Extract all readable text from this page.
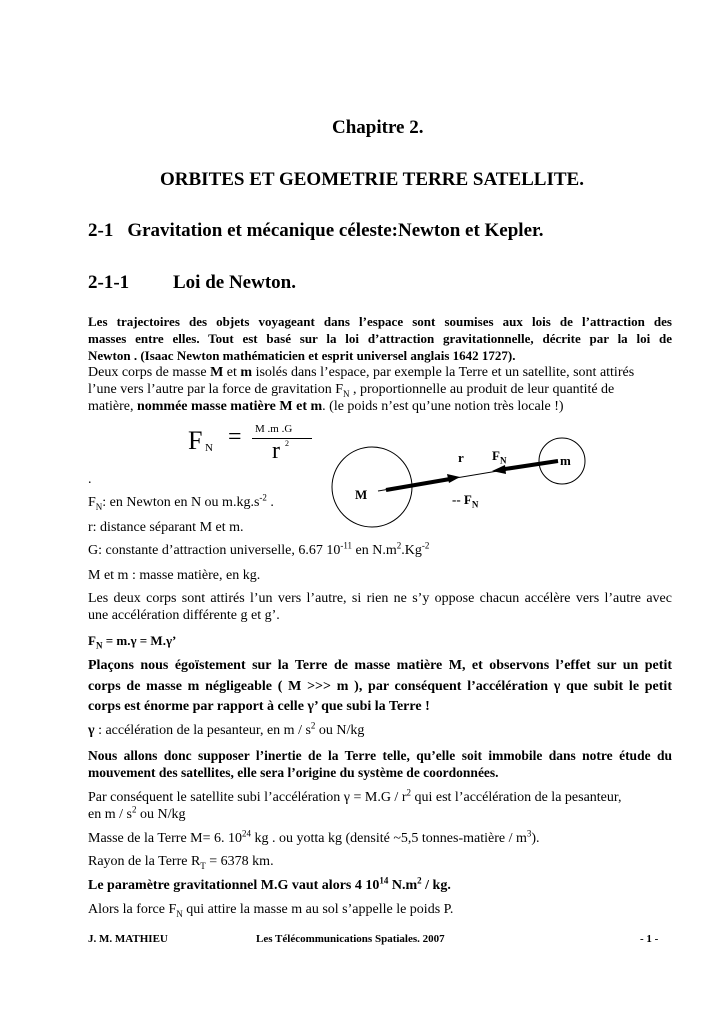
Chapitre 2.
ORBITES ET GEOMETRIE TERRE SATELLITE.
2-1 Gravitation et mécanique céleste:Newton et Kepler.
2-1-1 Loi de Newton.
Les trajectoires des objets voyageant dans l’espace sont soumises aux lois de l’attraction des
masses entre elles. Tout est basé sur la loi d’attraction gravitationnelle, décrite par la loi de
Newton . (Isaac Newton mathématicien et esprit universel anglais 1642 1727).
Deux corps de masse M et m isolés dans l’espace, par exemple la Terre et un satellite, sont attirés
l’une vers l’autre par la force de gravitation $F_N$ , proportionnelle au produit de leur quantité de
matière, nommée masse matière M et m. (le poids n’est qu’une notion très locale !)
F N = M .m .G
r 2
M
m
r $F_N$
-- $F_N$
.
$F_N$: en Newton en N ou $m.kg.s^{-2}$ .
r: distance séparant M et m.
G: constante d’attraction universelle, 6.67 $10^{-11}$ en $N.m^2.Kg^{-2}$
M et m : masse matière, en kg.
Les deux corps sont attirés l’un vers l’autre, si rien ne s’y oppose chacun accélère vers l’autre avec
une accélération différente g et g’.
$F_N = m.\gamma = M.\gamma$’
Plaçons nous égoïstement sur la Terre de masse matière M, et observons l’effet sur un petit
corps de masse m négligeable ( M >>> m ), par conséquent l’accélération γ que subit le petit
corps est énorme par rapport à celle γ’ que subi la Terre !
γ : accélération de la pesanteur, en m / $s^2$ ou N/kg
Nous allons donc supposer l’inertie de la Terre telle, qu’elle soit immobile dans notre étude du
mouvement des satellites, elle sera l’origine du système de coordonnées.
Par conséquent le satellite subi l’accélération $\gamma = M.G / r^2$ qui est l’accélération de la pesanteur,
en m / $s^2$ ou N/kg
Masse de la Terre M= 6. $10^{24}$ kg . ou yotta kg (densité ~5,5 tonnes-matière / $m^3$).
Rayon de la Terre $R_T = 6378$ km.
Le paramètre gravitationnel M.G vaut alors 4 $10^{14}$ $N.m^2$ / kg.
Alors la force $F_N$ qui attire la masse m au sol s’appelle le poids P.
J. M. MATHIEU	Les Télécommunications Spatiales. 2007	- 1 -
